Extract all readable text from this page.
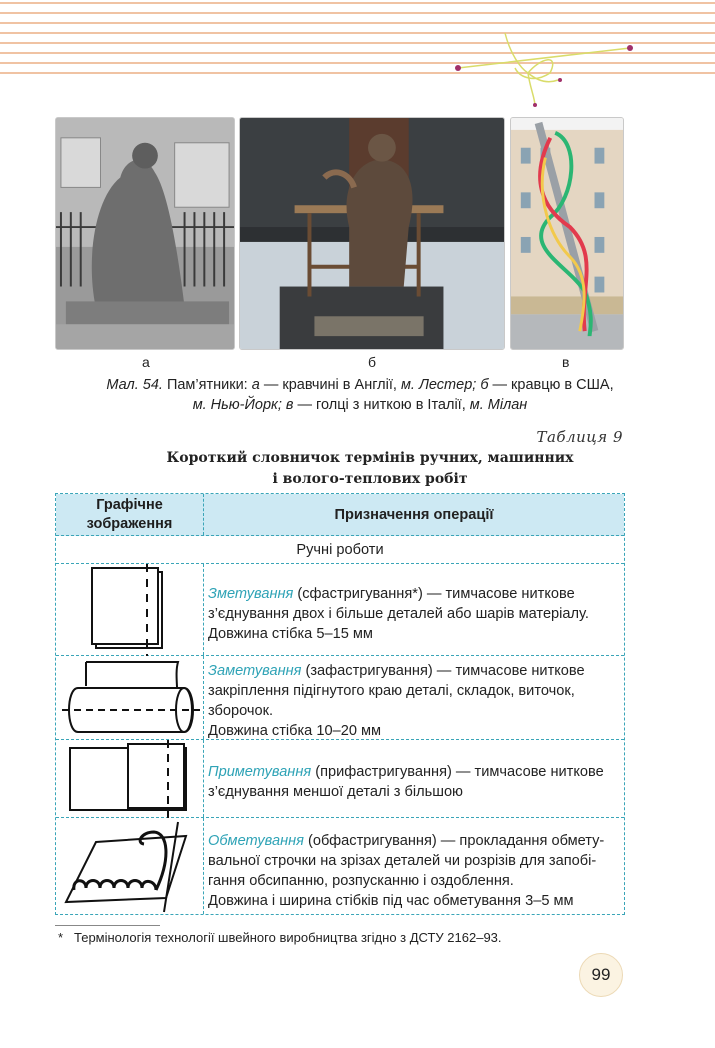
а	б	в
Мал. 54. Пам’ятники: а — кравчині в Англії, м. Лестер; б — кравцю в США,
м. Нью-Йорк; в — голці з ниткою в Італії, м. Мілан
Таблиця 9
Короткий словничок термінів ручних, машинних
і волого-теплових робіт
Графічне зображення
Призначення операції
Ручні роботи
Зметування (сфастригування*) — тимчасове ниткове з’єднування двох і більше деталей або шарів матеріалу.
Довжина стібка 5–15 мм
Заметування (зафастригування) — тимчасове ниткове закріплення підігнутого краю деталі, складок, виточок, зборочок.
Довжина стібка 10–20 мм
Приметування (прифастригування) — тимчасове ниткове з’єднування меншої деталі з більшою
Обметування (обфастригування) — прокладання обметувальної строчки на зрізах деталей чи розрізів для запобігання обсипанню, розпусканню і оздоблення.
Довжина і ширина стібків під час обметування 3–5 мм
* Термінологія технології швейного виробництва згідно з ДСТУ 2162–93.
99
